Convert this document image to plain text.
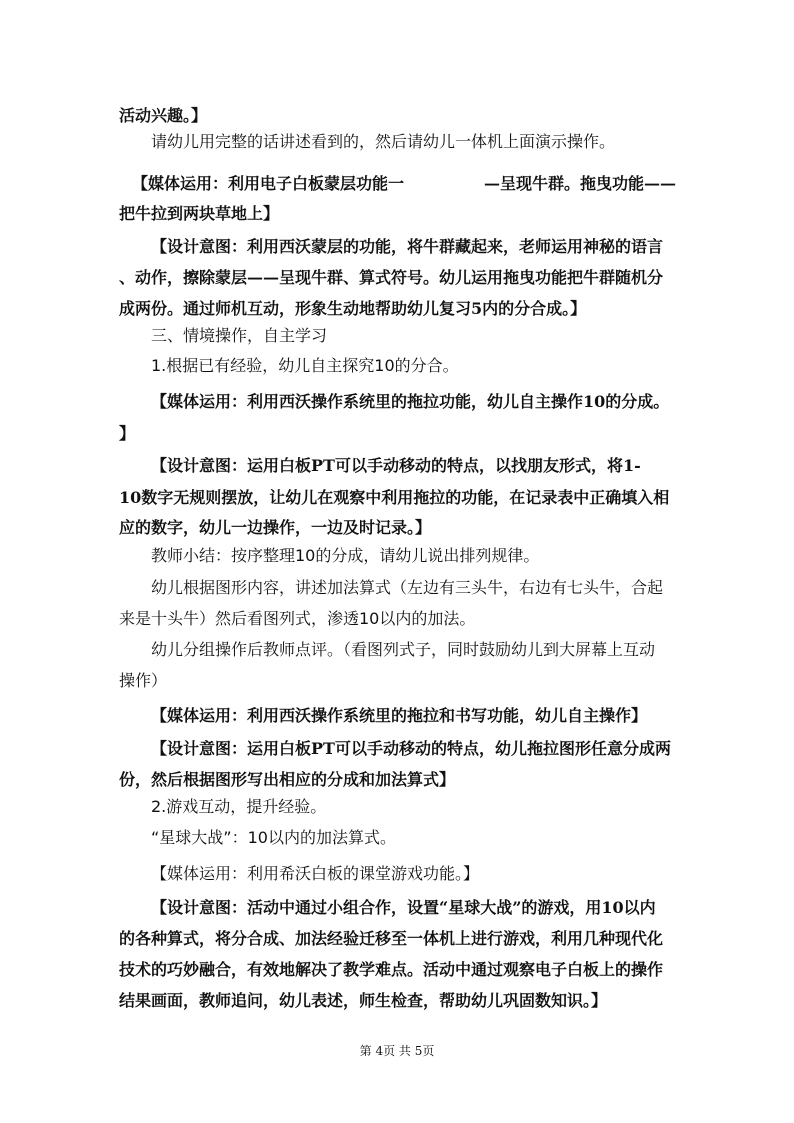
活动兴趣。】
请幼儿用完整的话讲述看到的，然后请幼儿一体机上面演示操作。
【媒体运用：利用电子白板蒙层功能一	—呈现牛群。拖曳功能——
把牛拉到两块草地上】
【设计意图：利用西沃蒙层的功能，将牛群藏起来，老师运用神秘的语言
、动作，擦除蒙层——呈现牛群、算式符号。幼儿运用拖曳功能把牛群随机分
成两份。通过师机互动，形象生动地帮助幼儿复习5内的分合成。】
三、情境操作，自主学习
1.根据已有经验，幼儿自主探究10的分合。
【媒体运用：利用西沃操作系统里的拖拉功能，幼儿自主操作10的分成。
】
【设计意图：运用白板PT可以手动移动的特点，以找朋友形式，将1-
10数字无规则摆放，让幼儿在观察中利用拖拉的功能，在记录表中正确填入相
应的数字，幼儿一边操作，一边及时记录。】
教师小结：按序整理10的分成，请幼儿说出排列规律。
幼儿根据图形内容，讲述加法算式（左边有三头牛，右边有七头牛，合起
来是十头牛）然后看图列式，渗透10以内的加法。
幼儿分组操作后教师点评。（看图列式子，同时鼓励幼儿到大屏幕上互动
操作）
【媒体运用：利用西沃操作系统里的拖拉和书写功能，幼儿自主操作】
【设计意图：运用白板PT可以手动移动的特点，幼儿拖拉图形任意分成两
份，然后根据图形写出相应的分成和加法算式】
2.游戏互动，提升经验。
“星球大战”：10以内的加法算式。
【媒体运用：利用希沃白板的课堂游戏功能。】
【设计意图：活动中通过小组合作，设置“星球大战”的游戏，用10以内
的各种算式，将分合成、加法经验迁移至一体机上进行游戏，利用几种现代化
技术的巧妙融合，有效地解决了教学难点。活动中通过观察电子白板上的操作
结果画面，教师追问，幼儿表述，师生检查，帮助幼儿巩固数知识。】
第 4页 共 5页
